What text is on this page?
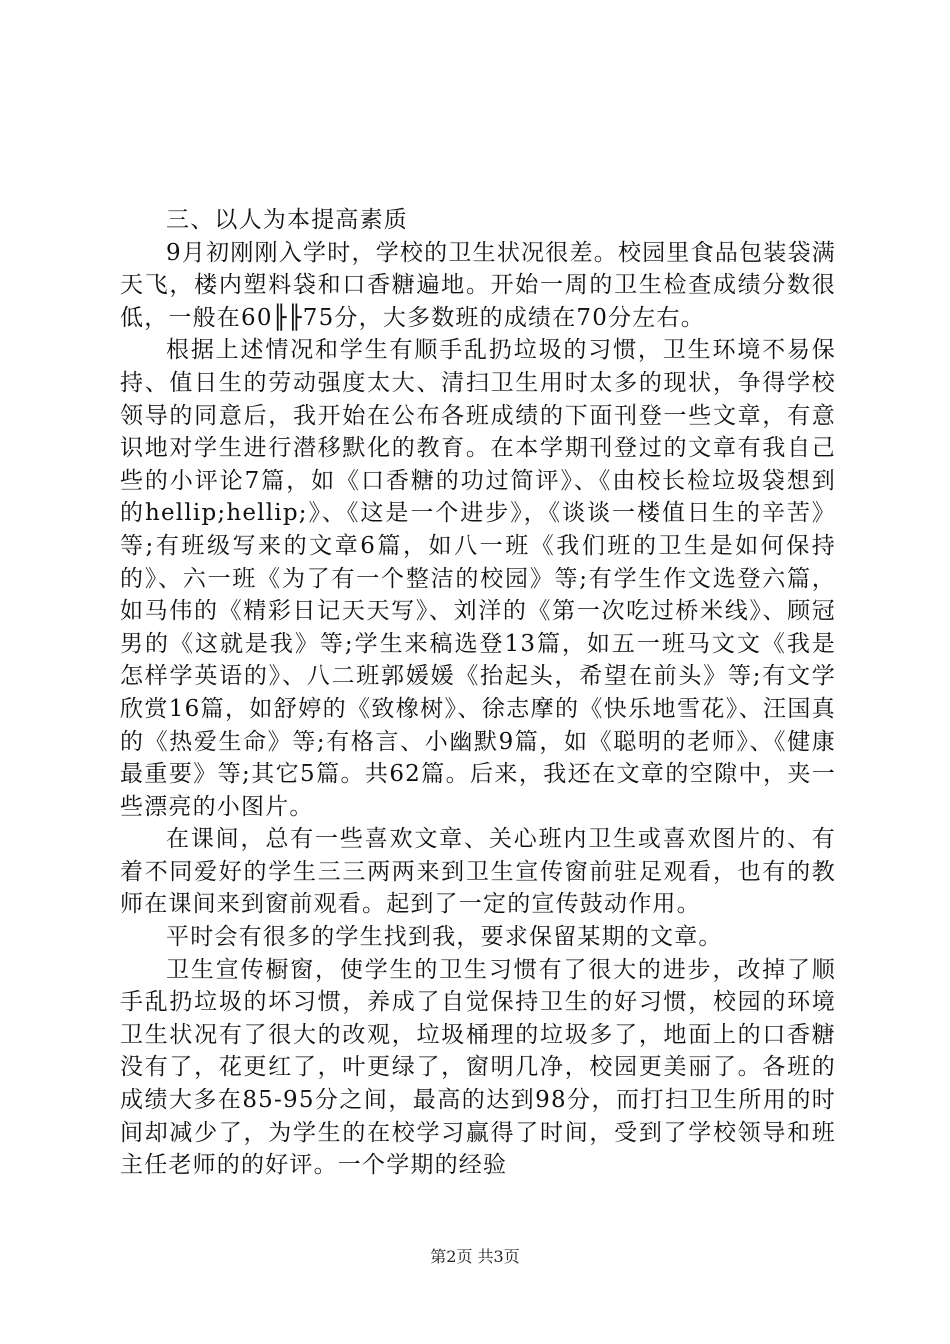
三、以人为本提高素质

9月初刚刚入学时，学校的卫生状况很差。校园里食品包装袋满天飞，楼内塑料袋和口香糖遍地。开始一周的卫生检查成绩分数很低，一般在60╟╟75分，大多数班的成绩在70分左右。

根据上述情况和学生有顺手乱扔垃圾的习惯，卫生环境不易保持、值日生的劳动强度太大、清扫卫生用时太多的现状，争得学校领导的同意后，我开始在公布各班成绩的下面刊登一些文章，有意识地对学生进行潜移默化的教育。在本学期刊登过的文章有我自己些的小评论7篇，如《口香糖的功过简评》、《由校长检垃圾袋想到的hellip;hellip;》、《这是一个进步》，《谈谈一楼值日生的辛苦》等;有班级写来的文章6篇，如八一班《我们班的卫生是如何保持的》、六一班《为了有一个整洁的校园》等;有学生作文选登六篇，如马伟的《精彩日记天天写》、刘洋的《第一次吃过桥米线》、顾冠男的《这就是我》等;学生来稿选登13篇，如五一班马文文《我是怎样学英语的》、八二班郭媛媛《抬起头，希望在前头》等;有文学欣赏16篇，如舒婷的《致橡树》、徐志摩的《快乐地雪花》、汪国真的《热爱生命》等;有格言、小幽默9篇，如《聪明的老师》、《健康最重要》等;其它5篇。共62篇。后来，我还在文章的空隙中，夹一些漂亮的小图片。

在课间，总有一些喜欢文章、关心班内卫生或喜欢图片的、有着不同爱好的学生三三两两来到卫生宣传窗前驻足观看，也有的教师在课间来到窗前观看。起到了一定的宣传鼓动作用。

平时会有很多的学生找到我，要求保留某期的文章。

卫生宣传橱窗，使学生的卫生习惯有了很大的进步，改掉了顺手乱扔垃圾的坏习惯，养成了自觉保持卫生的好习惯，校园的环境卫生状况有了很大的改观，垃圾桶理的垃圾多了，地面上的口香糖没有了，花更红了，叶更绿了，窗明几净，校园更美丽了。各班的成绩大多在85-95分之间，最高的达到98分，而打扫卫生所用的时间却减少了，为学生的在校学习赢得了时间，受到了学校领导和班主任老师的的好评。一个学期的经验

第2页 共3页
